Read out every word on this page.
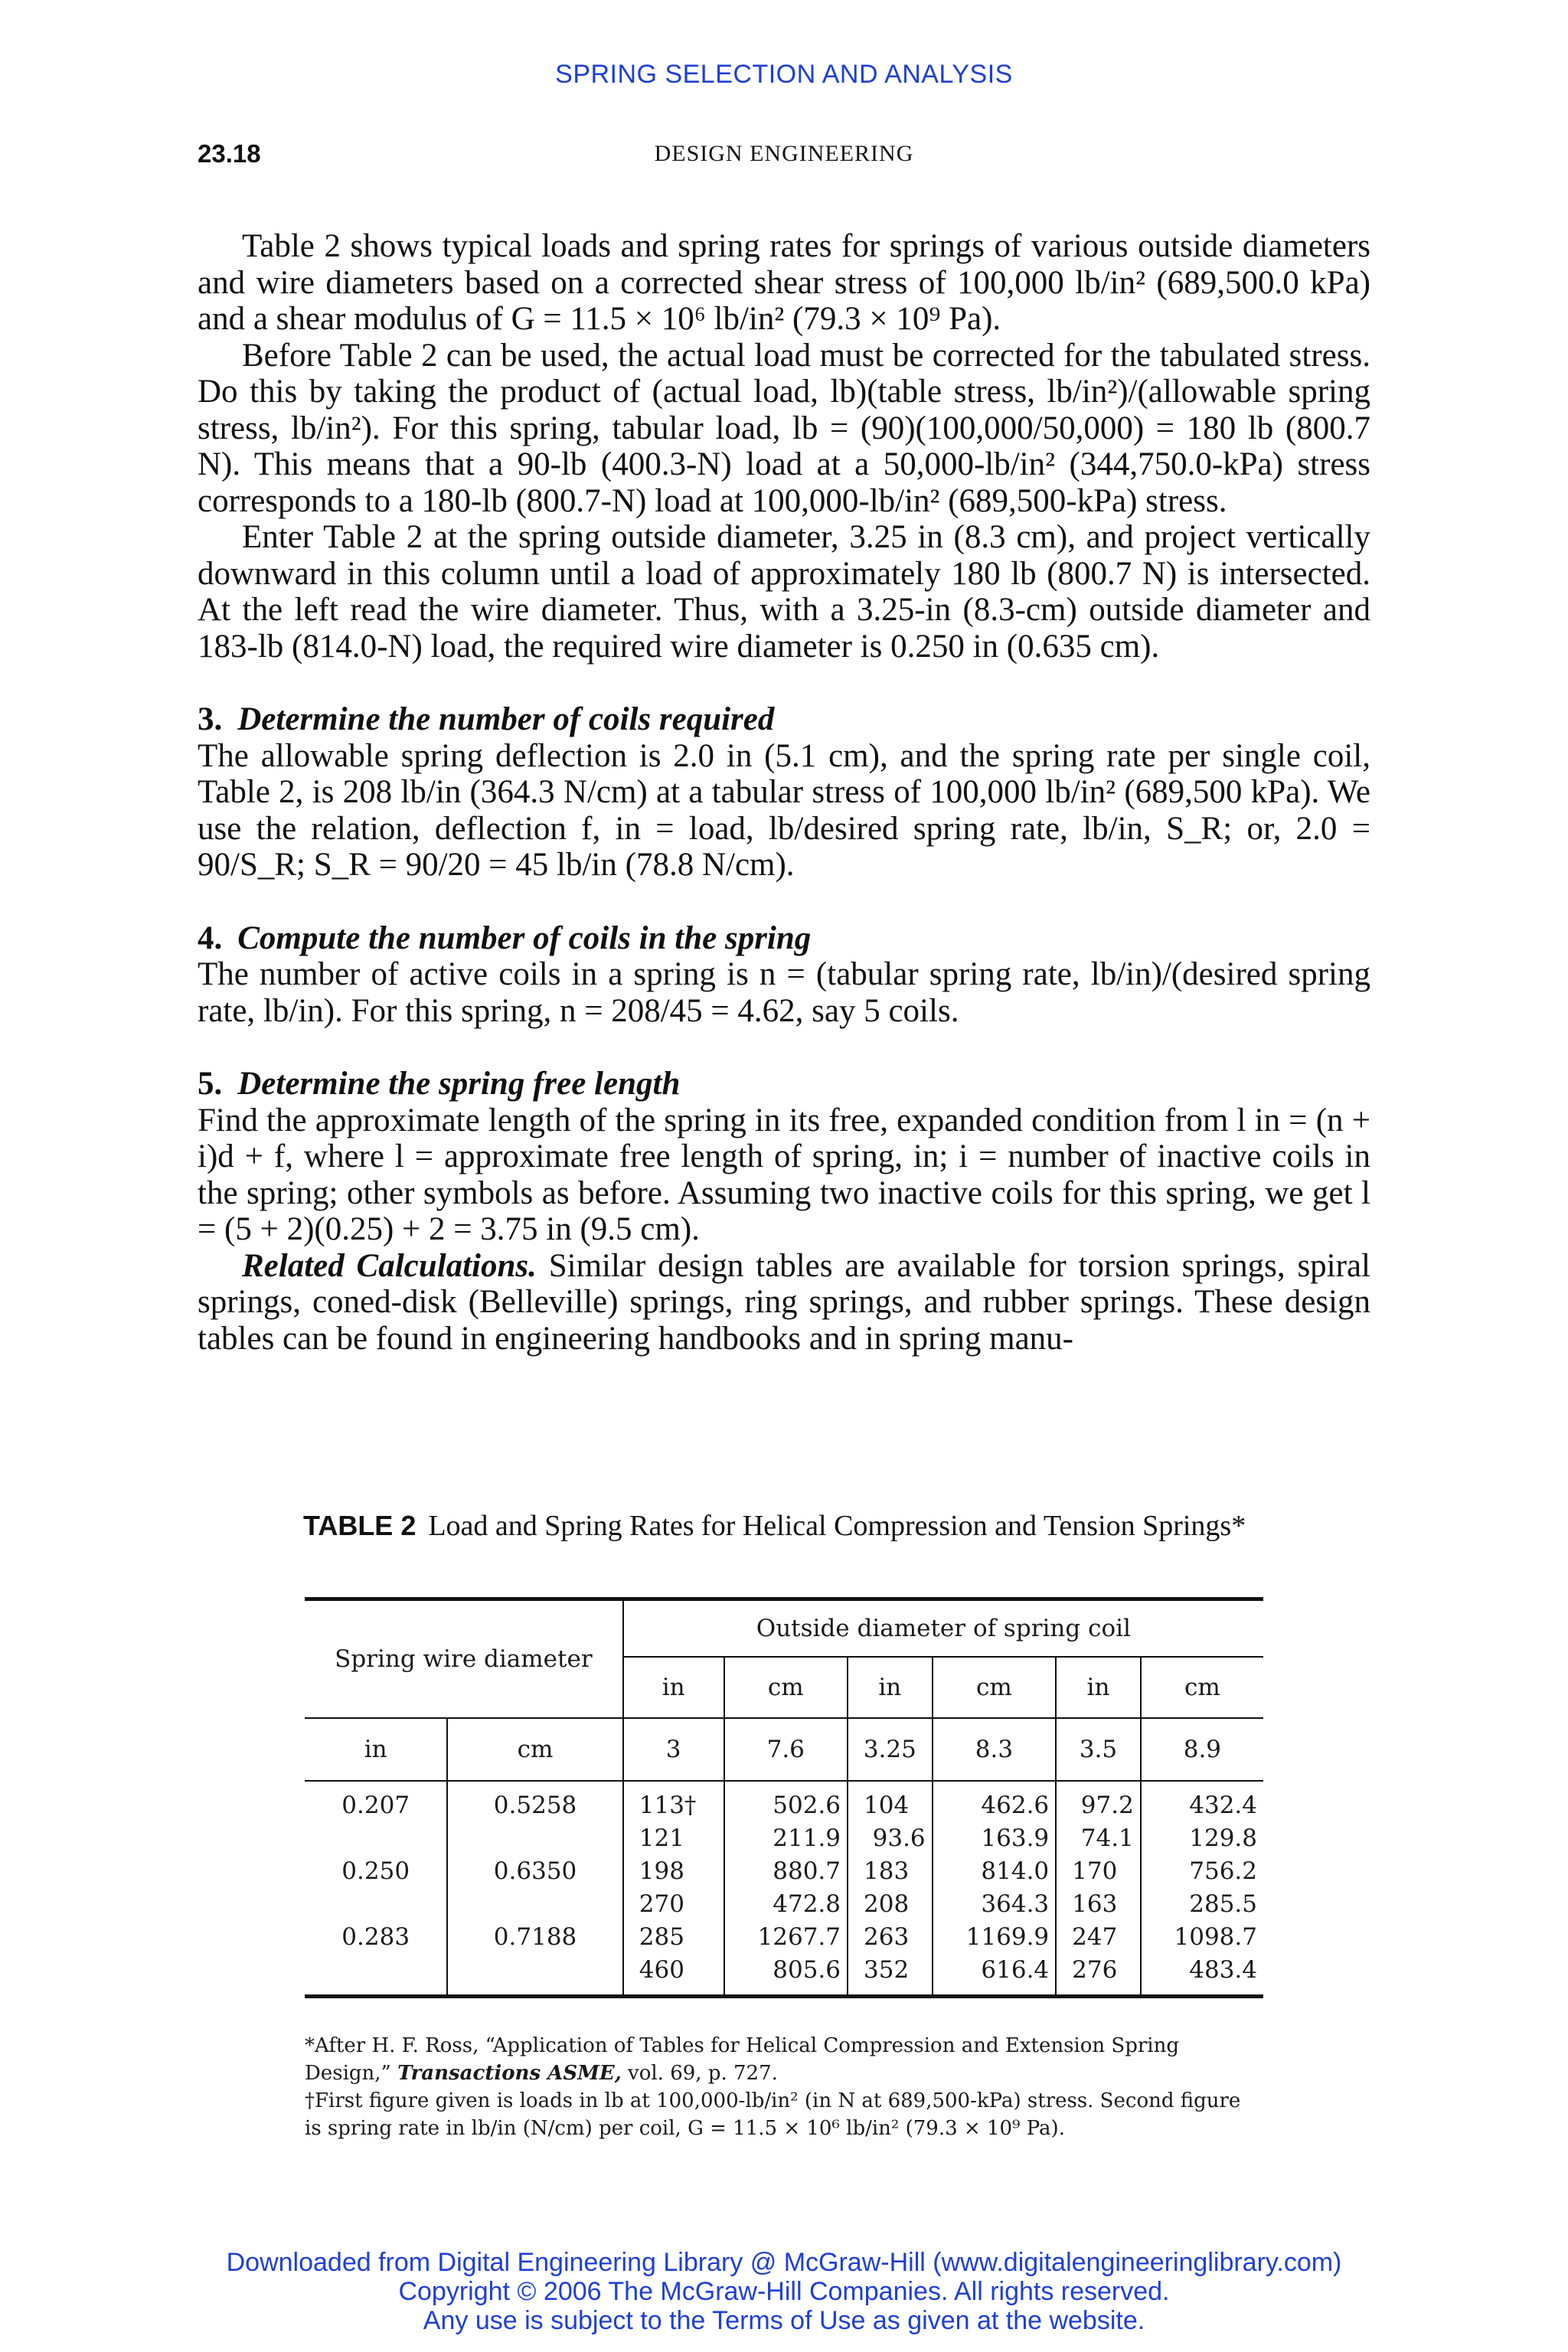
SPRING SELECTION AND ANALYSIS
23.18	DESIGN ENGINEERING

Table 2 shows typical loads and spring rates for springs of various outside diameters and wire diameters based on a corrected shear stress of 100,000 lb/in² (689,500.0 kPa) and a shear modulus of G = 11.5 × 10⁶ lb/in² (79.3 × 10⁹ Pa).

Before Table 2 can be used, the actual load must be corrected for the tabulated stress. Do this by taking the product of (actual load, lb)(table stress, lb/in²)/(allowable spring stress, lb/in²). For this spring, tabular load, lb = (90)(100,000/50,000) = 180 lb (800.7 N). This means that a 90-lb (400.3-N) load at a 50,000-lb/in² (344,750.0-kPa) stress corresponds to a 180-lb (800.7-N) load at 100,000-lb/in² (689,500-kPa) stress.

Enter Table 2 at the spring outside diameter, 3.25 in (8.3 cm), and project vertically downward in this column until a load of approximately 180 lb (800.7 N) is intersected. At the left read the wire diameter. Thus, with a 3.25-in (8.3-cm) outside diameter and 183-lb (814.0-N) load, the required wire diameter is 0.250 in (0.635 cm).

3. Determine the number of coils required

The allowable spring deflection is 2.0 in (5.1 cm), and the spring rate per single coil, Table 2, is 208 lb/in (364.3 N/cm) at a tabular stress of 100,000 lb/in² (689,500 kPa). We use the relation, deflection f, in = load, lb/desired spring rate, lb/in, S_R; or, 2.0 = 90/S_R; S_R = 90/20 = 45 lb/in (78.8 N/cm).

4. Compute the number of coils in the spring

The number of active coils in a spring is n = (tabular spring rate, lb/in)/(desired spring rate, lb/in). For this spring, n = 208/45 = 4.62, say 5 coils.

5. Determine the spring free length

Find the approximate length of the spring in its free, expanded condition from l in = (n + i)d + f, where l = approximate free length of spring, in; i = number of inactive coils in the spring; other symbols as before. Assuming two inactive coils for this spring, we get l = (5 + 2)(0.25) + 2 = 3.75 in (9.5 cm).

Related Calculations. Similar design tables are available for torsion springs, spiral springs, coned-disk (Belleville) springs, ring springs, and rubber springs. These design tables can be found in engineering handbooks and in spring manu-

TABLE 2 Load and Spring Rates for Helical Compression and Tension Springs*

Spring wire diameter		Outside diameter of spring coil					
		in	cm	in	cm	in	cm
in	cm	3	7.6	3.25	8.3	3.5	8.9
0.207	0.5258	113†	502.6	104	462.6	97.2	432.4
		121	211.9	93.6	163.9	74.1	129.8
0.250	0.6350	198	880.7	183	814.0	170	756.2
		270	472.8	208	364.3	163	285.5
0.283	0.7188	285	1267.7	263	1169.9	247	1098.7
		460	805.6	352	616.4	276	483.4

*After H. F. Ross, “Application of Tables for Helical Compression and Extension Spring Design,” Transactions ASME, vol. 69, p. 727.

†First figure given is loads in lb at 100,000-lb/in² (in N at 689,500-kPa) stress. Second figure is spring rate in lb/in (N/cm) per coil, G = 11.5 × 10⁶ lb/in² (79.3 × 10⁹ Pa).

Downloaded from Digital Engineering Library @ McGraw-Hill (www.digitalengineeringlibrary.com)
Copyright © 2006 The McGraw-Hill Companies. All rights reserved.
Any use is subject to the Terms of Use as given at the website.
